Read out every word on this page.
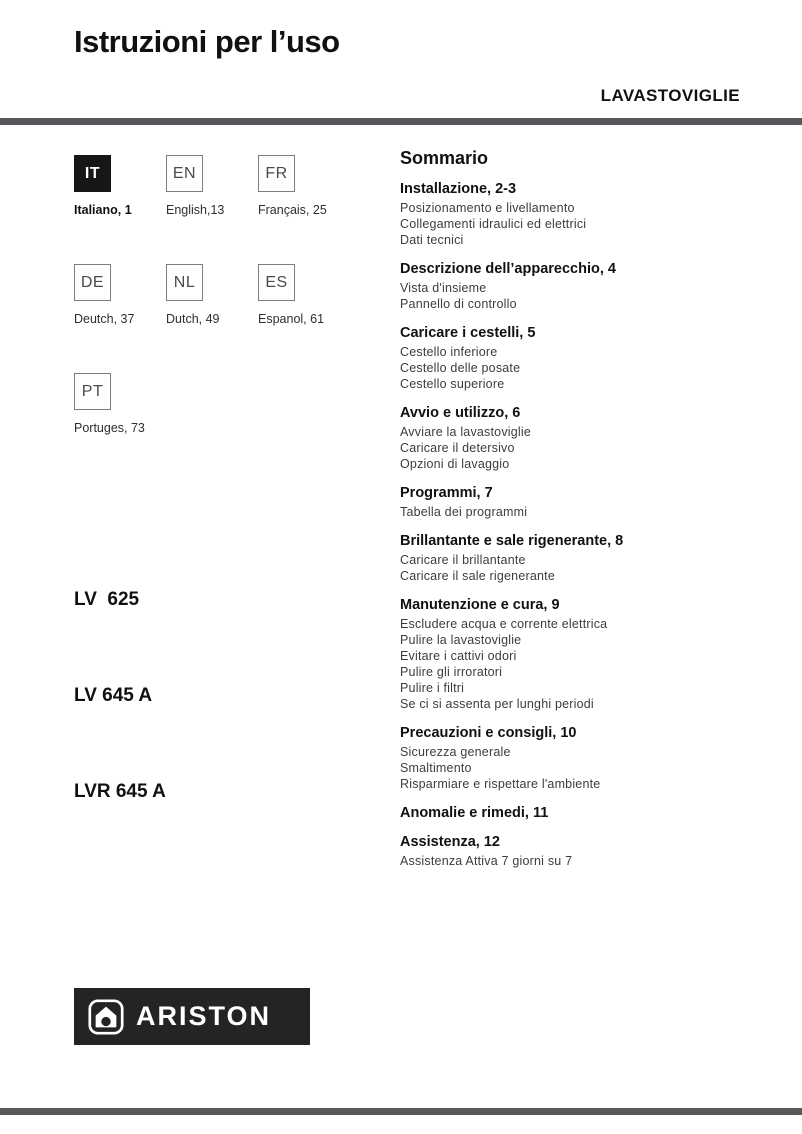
Istruzioni per l’uso
LAVASTOVIGLIE
IT
Italiano, 1
EN
English,13
FR
Français, 25
DE
Deutch, 37
NL
Dutch, 49
ES
Espanol, 61
PT
Portuges, 73

LV  625

LV 645 A

LVR 645 A

ARISTON
Sommario
Installazione, 2-3
Posizionamento e livellamento
Collegamenti idraulici ed elettrici
Dati tecnici
Descrizione dell’apparecchio, 4
Vista d'insieme
Pannello di controllo
Caricare i cestelli, 5
Cestello inferiore
Cestello delle posate
Cestello superiore
Avvio e utilizzo, 6
Avviare la lavastoviglie
Caricare il detersivo
Opzioni di lavaggio
Programmi, 7
Tabella dei programmi
Brillantante e sale rigenerante, 8
Caricare il brillantante
Caricare il sale rigenerante
Manutenzione e cura, 9
Escludere acqua e corrente elettrica
Pulire la lavastoviglie
Evitare i cattivi odori
Pulire gli irroratori
Pulire i filtri
Se ci si assenta per lunghi periodi
Precauzioni e consigli, 10
Sicurezza generale
Smaltimento
Risparmiare e rispettare l'ambiente
Anomalie e rimedi, 11
Assistenza, 12
Assistenza Attiva 7 giorni su 7
